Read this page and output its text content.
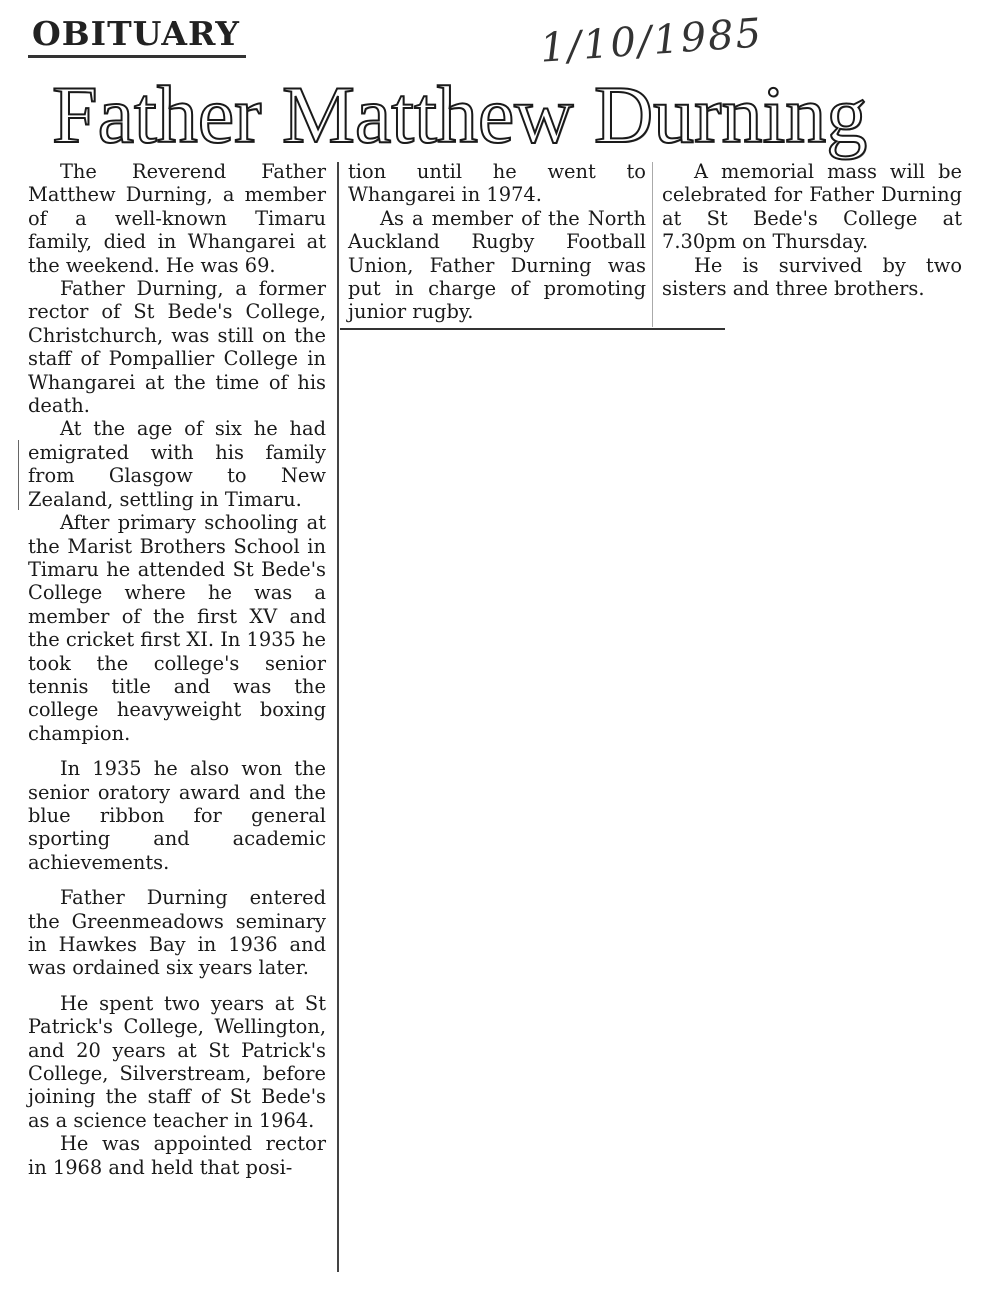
OBITUARY	1/10/1985
Father Matthew Durning

The Reverend Father Matthew Durning, a member of a well-known Timaru family, died in Whangarei at the weekend. He was 69.

Father Durning, a former rector of St Bede's College, Christchurch, was still on the staff of Pompallier College in Whangarei at the time of his death.

At the age of six he had emigrated with his family from Glasgow to New Zealand, settling in Timaru.

After primary schooling at the Marist Brothers School in Timaru he attended St Bede's College where he was a member of the first XV and the cricket first XI. In 1935 he took the college's senior tennis title and was the college heavyweight boxing champion.

In 1935 he also won the senior oratory award and the blue ribbon for general sporting and academic achievements.

Father Durning entered the Greenmeadows seminary in Hawkes Bay in 1936 and was ordained six years later.

He spent two years at St Patrick's College, Wellington, and 20 years at St Patrick's College, Silverstream, before joining the staff of St Bede's as a science teacher in 1964.

He was appointed rector in 1968 and held that posi-

tion until he went to Whangarei in 1974.

As a member of the North Auckland Rugby Football Union, Father Durning was put in charge of promoting junior rugby.

A memorial mass will be celebrated for Father Durning at St Bede's College at 7.30pm on Thursday.

He is survived by two sisters and three brothers.
